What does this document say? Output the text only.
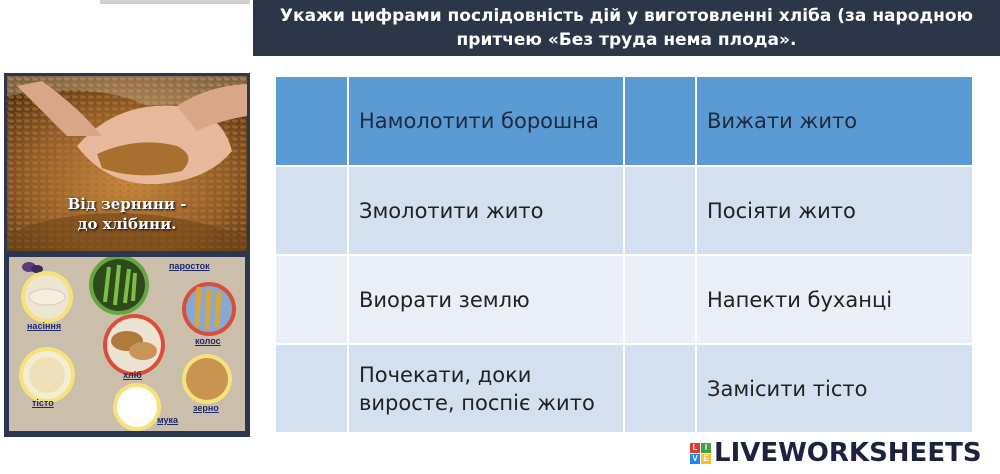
Укажи цифрами послідовність дій у виготовленні хліба (за народною
притчею «Без труда нема плода».
Від зернини -
до хлібини.
насіння
паросток
колос
хліб
тісто	зерно
мука
	Намолотити борошна		Вижати жито
	Змолотити жито		Посіяти жито
	Виорати землю		Напекти буханці

	Почекати, доки
виросте, поспіє жито		Замісити тісто
L I
V E LIVEWORKSHEETS
